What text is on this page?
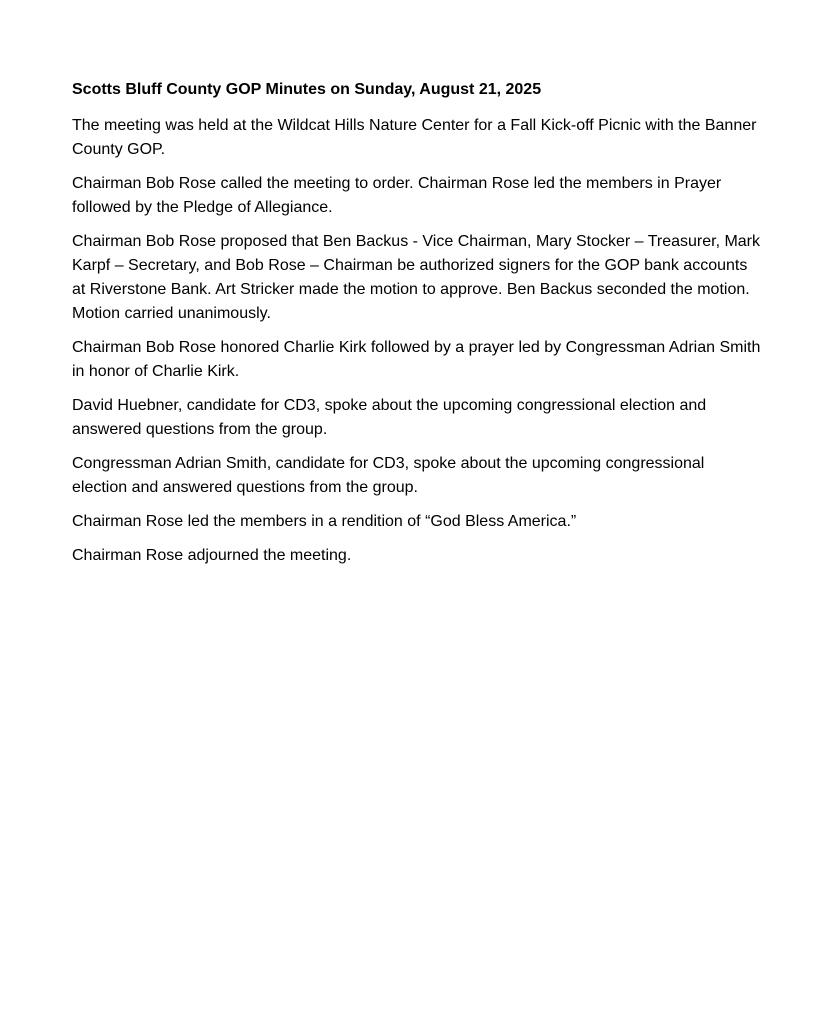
Scotts Bluff County GOP Minutes on Sunday, August 21, 2025

The meeting was held at the Wildcat Hills Nature Center for a Fall Kick-off Picnic with the Banner County GOP.

Chairman Bob Rose called the meeting to order. Chairman Rose led the members in Prayer followed by the Pledge of Allegiance.

Chairman Bob Rose proposed that Ben Backus - Vice Chairman, Mary Stocker – Treasurer, Mark Karpf – Secretary, and Bob Rose – Chairman be authorized signers for the GOP bank accounts at Riverstone Bank. Art Stricker made the motion to approve. Ben Backus seconded the motion. Motion carried unanimously.

Chairman Bob Rose honored Charlie Kirk followed by a prayer led by Congressman Adrian Smith in honor of Charlie Kirk.

David Huebner, candidate for CD3, spoke about the upcoming congressional election and answered questions from the group.

Congressman Adrian Smith, candidate for CD3, spoke about the upcoming congressional election and answered questions from the group.

Chairman Rose led the members in a rendition of “God Bless America.”

Chairman Rose adjourned the meeting.
